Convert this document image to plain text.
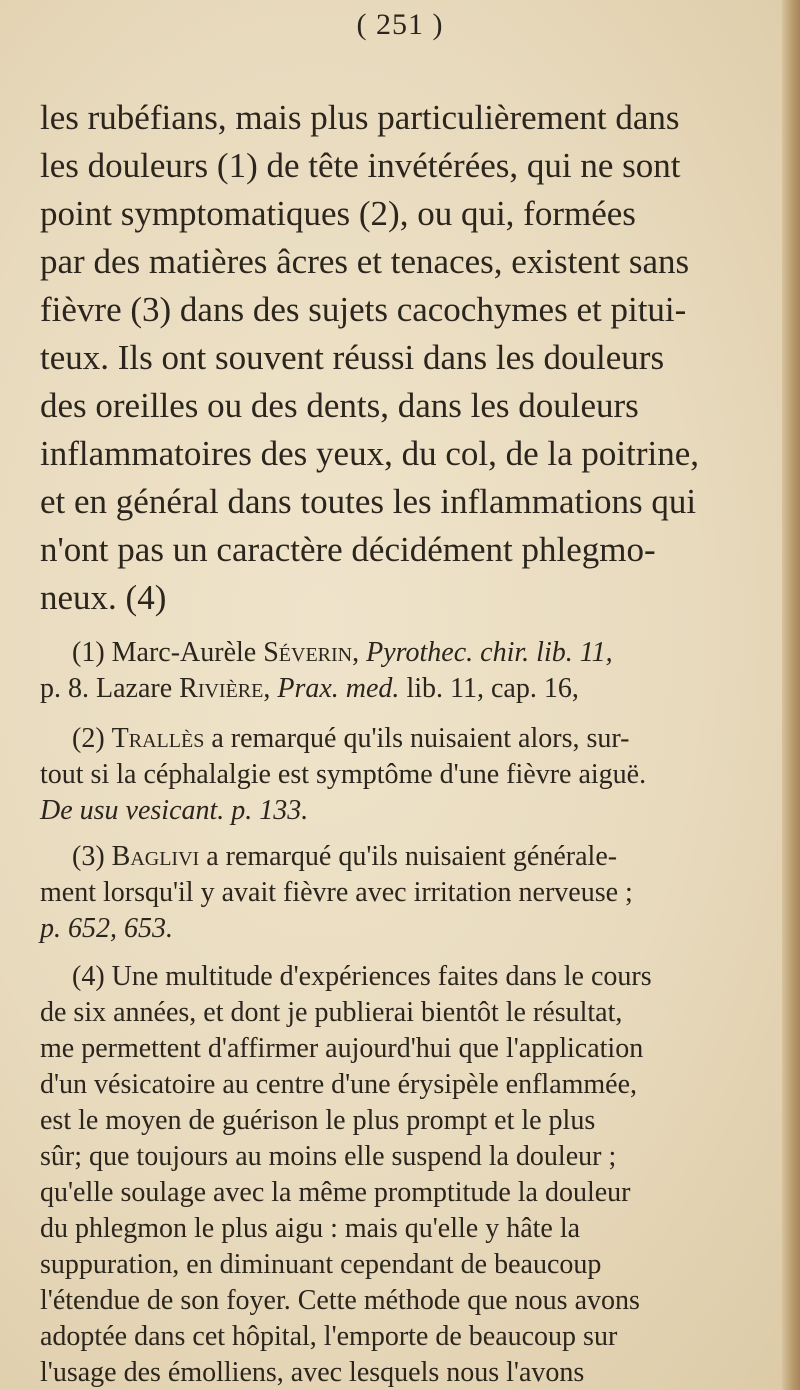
( 251 )
les rubéfians, mais plus particulièrement dans
les douleurs (1) de tête invétérées, qui ne sont
point symptomatiques (2), ou qui, formées
par des matières âcres et tenaces, existent sans
fièvre (3) dans des sujets cacochymes et pitui-
teux. Ils ont souvent réussi dans les douleurs
des oreilles ou des dents, dans les douleurs
inflammatoires des yeux, du col, de la poitrine,
et en général dans toutes les inflammations qui
n'ont pas un caractère décidément phlegmo-
neux. (4)
(1) Marc-Aurèle Séverin, Pyrothec. chir. lib. 11,
p. 8. Lazare Rivière, Prax. med. lib. 11, cap. 16,
(2) Trallès a remarqué qu'ils nuisaient alors, sur-
tout si la céphalalgie est symptôme d'une fièvre aiguë.
De usu vesicant. p. 133.
(3) Baglivi a remarqué qu'ils nuisaient générale-
ment lorsqu'il y avait fièvre avec irritation nerveuse ;
p. 652, 653.
(4) Une multitude d'expériences faites dans le cours
de six années, et dont je publierai bientôt le résultat,
me permettent d'affirmer aujourd'hui que l'application
d'un vésicatoire au centre d'une érysipèle enflammée,
est le moyen de guérison le plus prompt et le plus
sûr; que toujours au moins elle suspend la douleur ;
qu'elle soulage avec la même promptitude la douleur
du phlegmon le plus aigu : mais qu'elle y hâte la
suppuration, en diminuant cependant de beaucoup
l'étendue de son foyer. Cette méthode que nous avons
adoptée dans cet hôpital, l'emporte de beaucoup sur
l'usage des émolliens, avec lesquels nous l'avons
